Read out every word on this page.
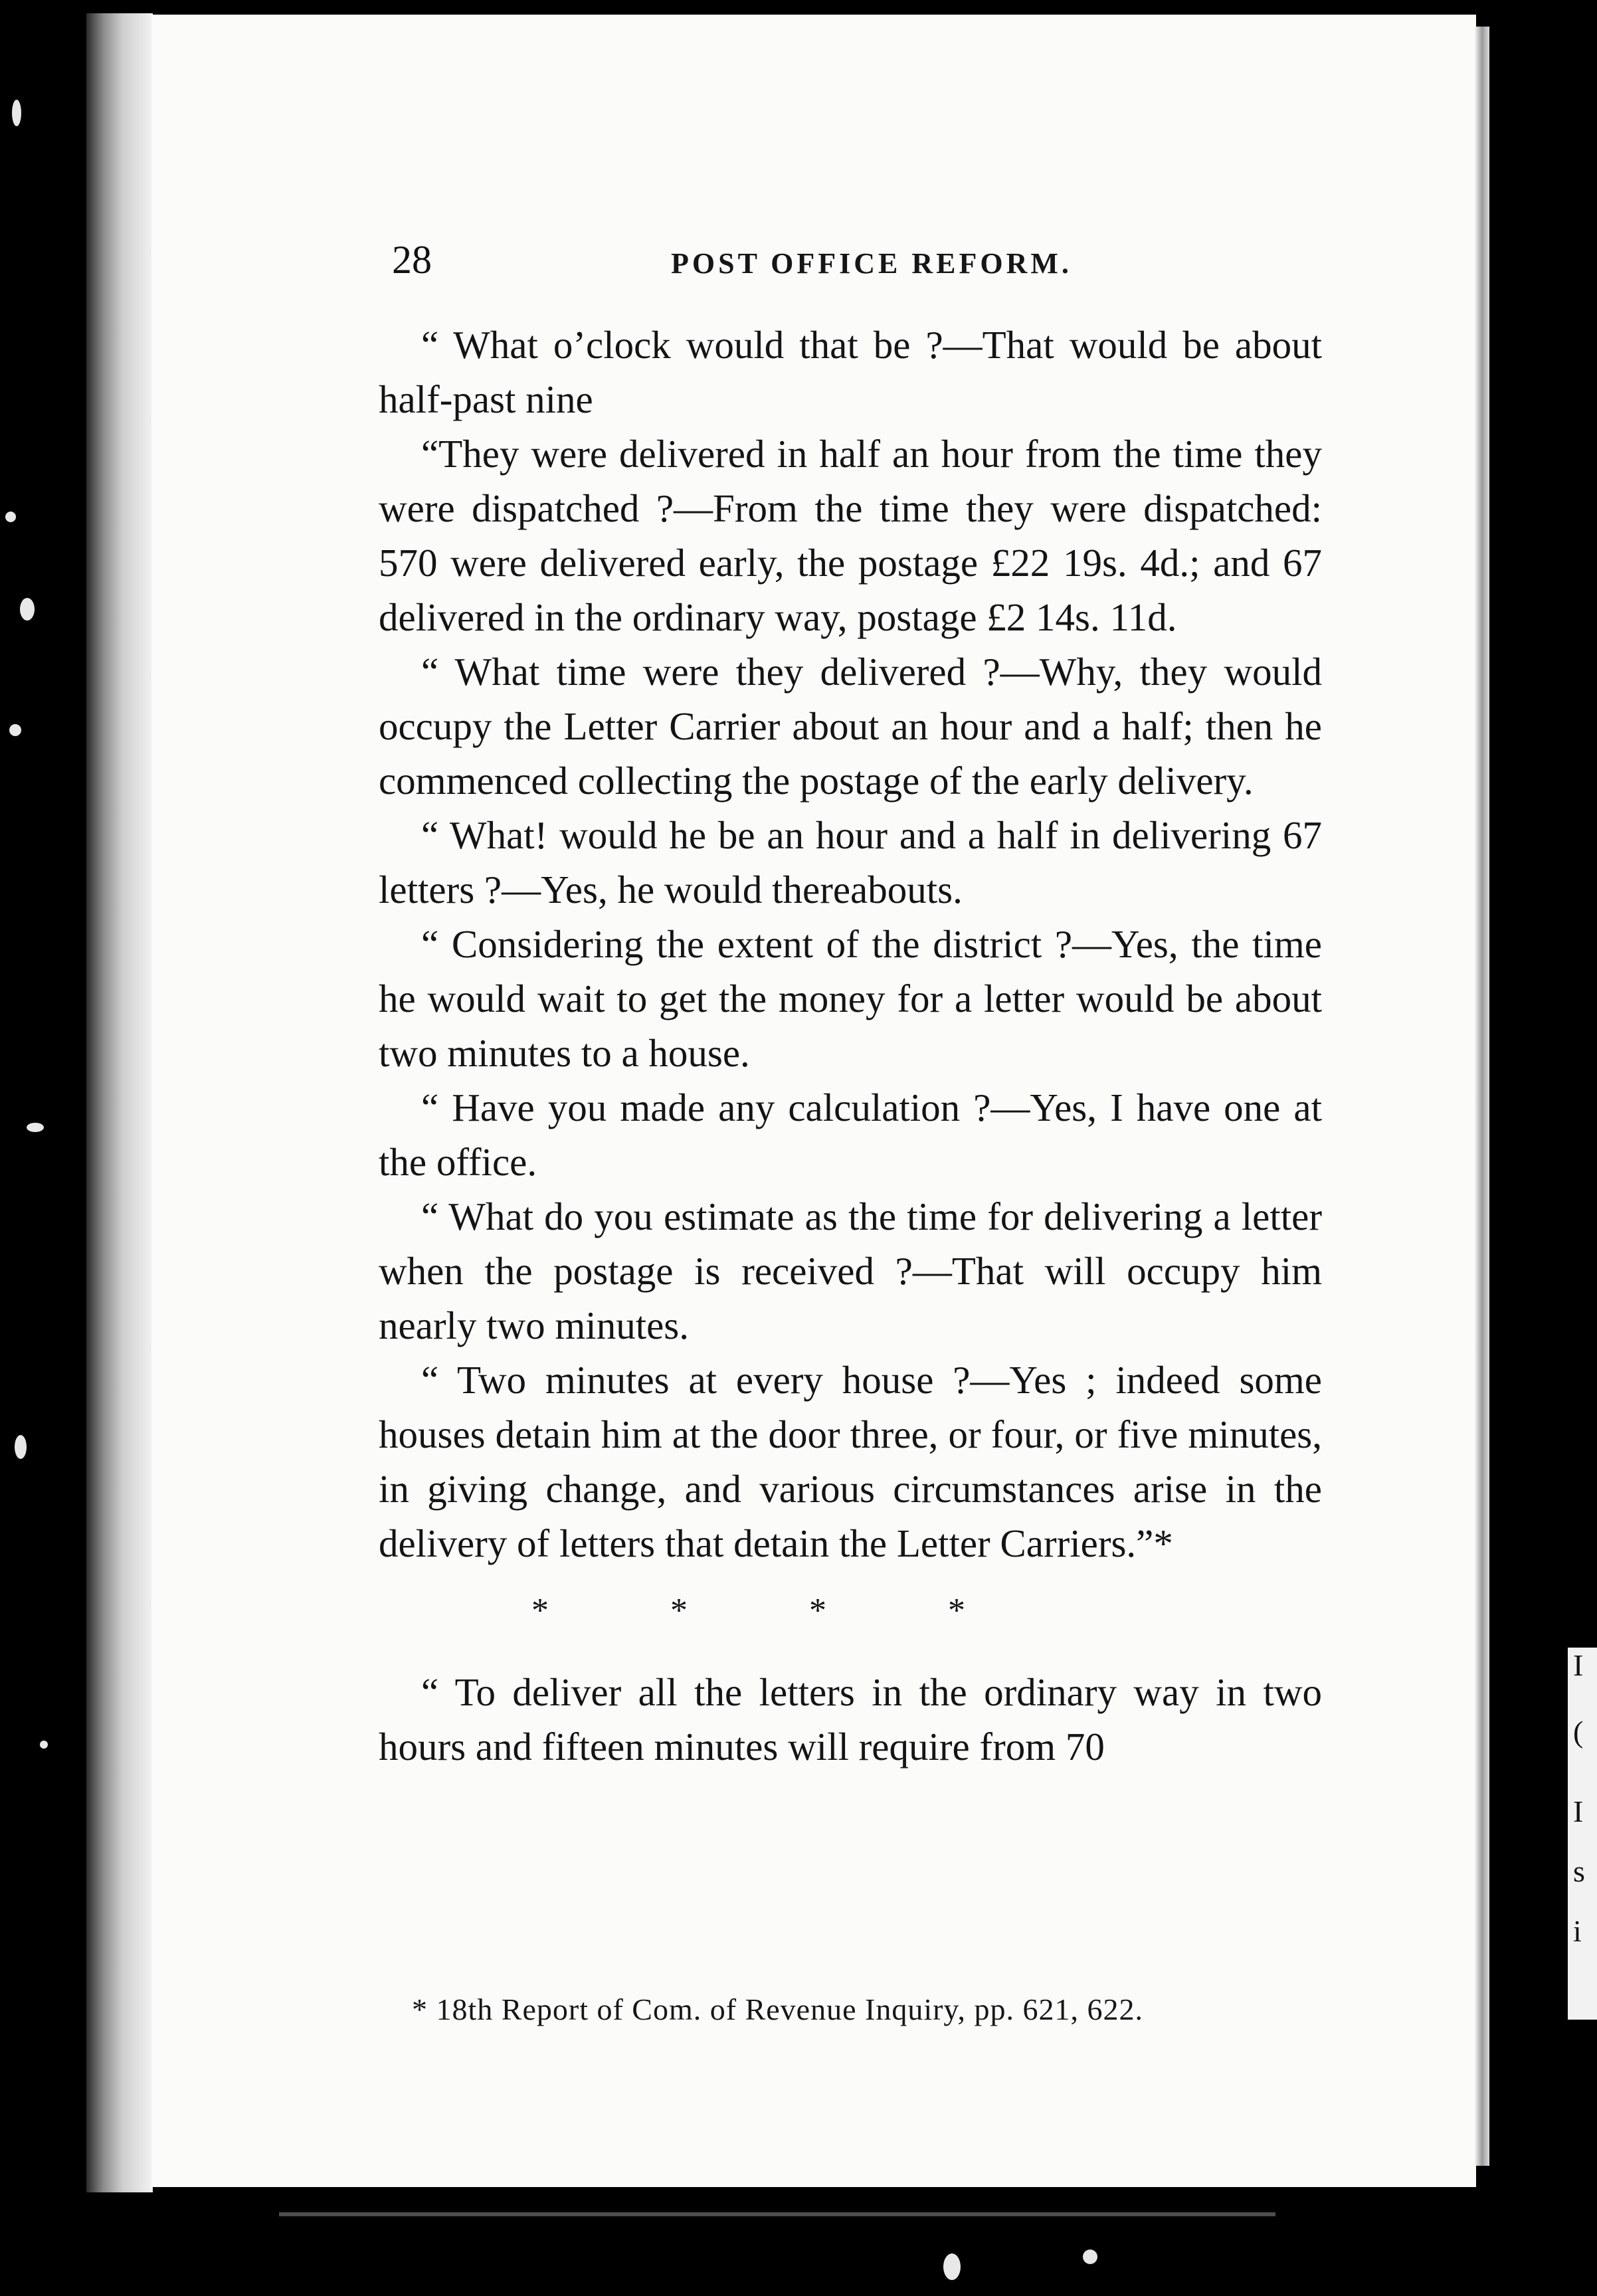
I
(
I
s
i
28	POST OFFICE REFORM.

“ What o’clock would that be ?—That would be about half-past nine

“They were delivered in half an hour from the time they were dispatched ?—From the time they were dispatched: 570 were delivered early, the postage £22 19s. 4d.; and 67 delivered in the ordinary way, postage £2 14s. 11d.

“ What time were they delivered ?—Why, they would occupy the Letter Carrier about an hour and a half; then he commenced collecting the postage of the early delivery.

“ What! would he be an hour and a half in delivering 67 letters ?—Yes, he would thereabouts.

“ Considering the extent of the district ?—Yes, the time he would wait to get the money for a letter would be about two minutes to a house.

“ Have you made any calculation ?—Yes, I have one at the office.

“ What do you estimate as the time for delivering a letter when the postage is received ?—That will occupy him nearly two minutes.

“ Two minutes at every house ?—Yes ; indeed some houses detain him at the door three, or four, or five minutes, in giving change, and various circumstances arise in the delivery of letters that detain the Letter Carriers.”*

* * * *

“ To deliver all the letters in the ordinary way in two hours and fifteen minutes will require from 70

* 18th Report of Com. of Revenue Inquiry, pp. 621, 622.
